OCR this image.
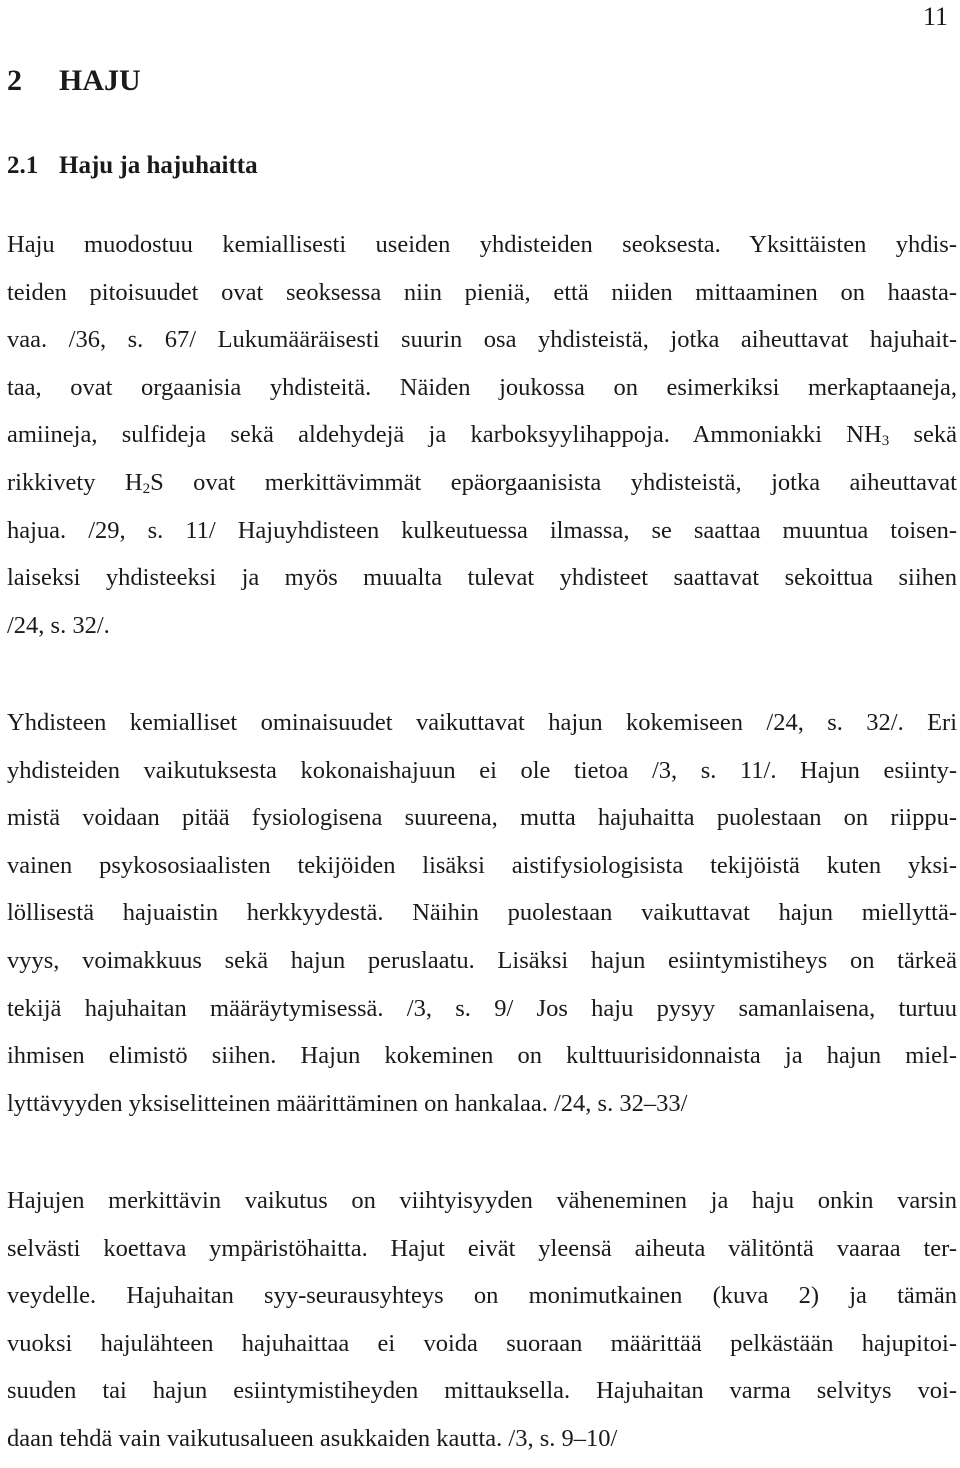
11
2 HAJU
2.1 Haju ja hajuhaitta
Haju muodostuu kemiallisesti useiden yhdisteiden seoksesta. Yksittäisten yhdis-
teiden pitoisuudet ovat seoksessa niin pieniä, että niiden mittaaminen on haasta-
vaa. /36, s. 67/ Lukumääräisesti suurin osa yhdisteistä, jotka aiheuttavat hajuhait-
taa, ovat orgaanisia yhdisteitä. Näiden joukossa on esimerkiksi merkaptaaneja,
amiineja, sulfideja sekä aldehydejä ja karboksyylihappoja. Ammoniakki $NH_3$ sekä
rikkivety $H_2S$ ovat merkittävimmät epäorgaanisista yhdisteistä, jotka aiheuttavat
hajua. /29, s. 11/ Hajuyhdisteen kulkeutuessa ilmassa, se saattaa muuntua toisen-
laiseksi yhdisteeksi ja myös muualta tulevat yhdisteet saattavat sekoittua siihen
/24, s. 32/.
Yhdisteen kemialliset ominaisuudet vaikuttavat hajun kokemiseen /24, s. 32/. Eri
yhdisteiden vaikutuksesta kokonaishajuun ei ole tietoa /3, s. 11/. Hajun esiinty-
mistä voidaan pitää fysiologisena suureena, mutta hajuhaitta puolestaan on riippu-
vainen psykososiaalisten tekijöiden lisäksi aistifysiologisista tekijöistä kuten yksi-
löllisestä hajuaistin herkkyydestä. Näihin puolestaan vaikuttavat hajun miellyttä-
vyys, voimakkuus sekä hajun peruslaatu. Lisäksi hajun esiintymistiheys on tärkeä
tekijä hajuhaitan määräytymisessä. /3, s. 9/ Jos haju pysyy samanlaisena, turtuu
ihmisen elimistö siihen. Hajun kokeminen on kulttuurisidonnaista ja hajun miel-
lyttävyyden yksiselitteinen määrittäminen on hankalaa. /24, s. 32–33/
Hajujen merkittävin vaikutus on viihtyisyyden väheneminen ja haju onkin varsin
selvästi koettava ympäristöhaitta. Hajut eivät yleensä aiheuta välitöntä vaaraa ter-
veydelle. Hajuhaitan syy-seurausyhteys on monimutkainen (kuva 2) ja tämän
vuoksi hajulähteen hajuhaittaa ei voida suoraan määrittää pelkästään hajupitoi-
suuden tai hajun esiintymistiheyden mittauksella. Hajuhaitan varma selvitys voi-
daan tehdä vain vaikutusalueen asukkaiden kautta. /3, s. 9–10/
